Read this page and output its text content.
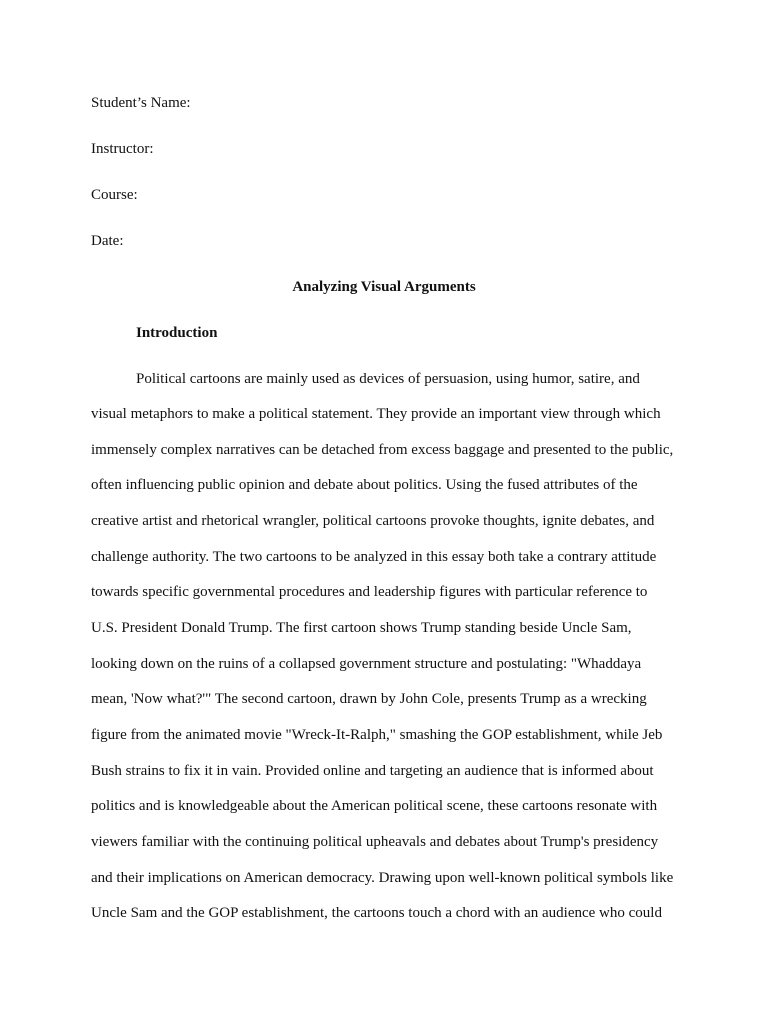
Student’s Name:
Instructor:
Course:
Date:
Analyzing Visual Arguments
Introduction
Political cartoons are mainly used as devices of persuasion, using humor, satire, and
visual metaphors to make a political statement. They provide an important view through which
immensely complex narratives can be detached from excess baggage and presented to the public,
often influencing public opinion and debate about politics. Using the fused attributes of the
creative artist and rhetorical wrangler, political cartoons provoke thoughts, ignite debates, and
challenge authority. The two cartoons to be analyzed in this essay both take a contrary attitude
towards specific governmental procedures and leadership figures with particular reference to
U.S. President Donald Trump. The first cartoon shows Trump standing beside Uncle Sam,
looking down on the ruins of a collapsed government structure and postulating: "Whaddaya
mean, 'Now what?'" The second cartoon, drawn by John Cole, presents Trump as a wrecking
figure from the animated movie "Wreck-It-Ralph," smashing the GOP establishment, while Jeb
Bush strains to fix it in vain. Provided online and targeting an audience that is informed about
politics and is knowledgeable about the American political scene, these cartoons resonate with
viewers familiar with the continuing political upheavals and debates about Trump's presidency
and their implications on American democracy. Drawing upon well-known political symbols like
Uncle Sam and the GOP establishment, the cartoons touch a chord with an audience who could
